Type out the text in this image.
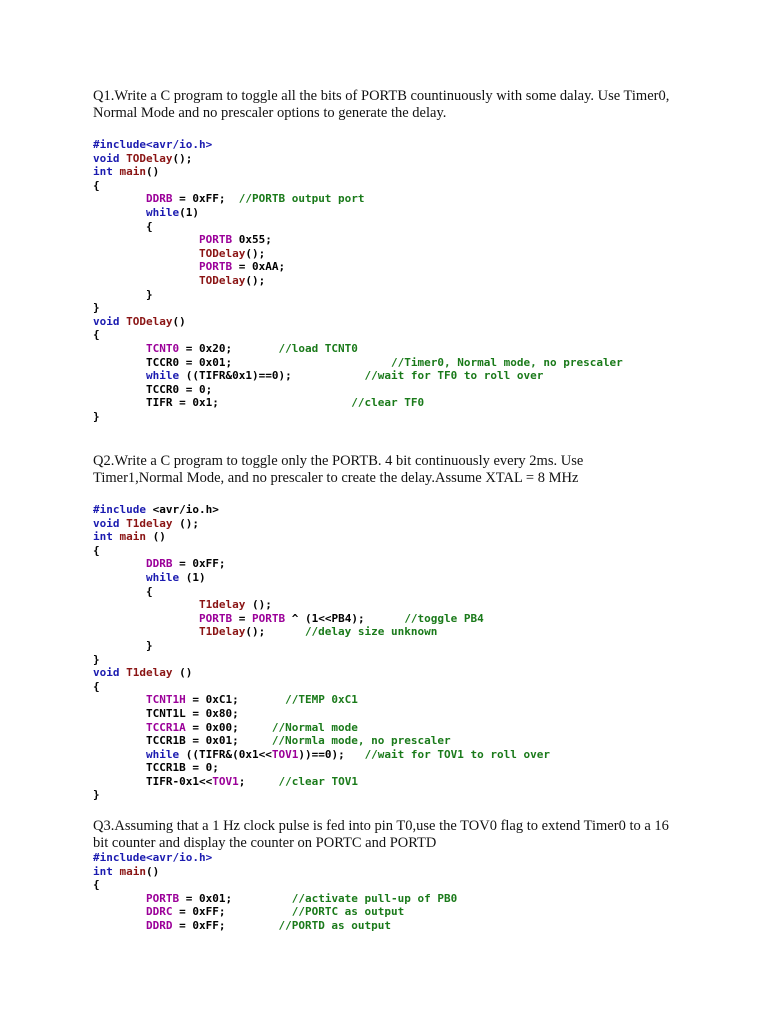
Q1.Write a C program to toggle all the bits of PORTB countinuously with some dalay. Use Timer0, Normal Mode and no prescaler options to generate the delay.

#include<avr/io.h>
void TODelay();
int main()
{
DDRB = 0xFF;  //PORTB output port
while(1)
{
PORTB 0x55;
TODelay();
PORTB = 0xAA;
TODelay();
}
}
void TODelay()
{
TCNT0 = 0x20;       //load TCNT0
TCCR0 = 0x01;                        //Timer0, Normal mode, no prescaler
while ((TIFR&0x1)==0);           //wait for TF0 to roll over
TCCR0 = 0;
TIFR = 0x1;                    //clear TF0
}

Q2.Write a C program to toggle only the PORTB. 4 bit continuously every 2ms. Use Timer1,Normal Mode, and no prescaler to create the delay.Assume XTAL = 8 MHz

#include <avr/io.h>
void T1delay ();
int main ()
{
DDRB = 0xFF;
while (1)
{
T1delay ();
PORTB = PORTB ^ (1<<PB4);      //toggle PB4
T1Delay();      //delay size unknown
}
}
void T1delay ()
{
TCNT1H = 0xC1;       //TEMP 0xC1
TCNT1L = 0x80;
TCCR1A = 0x00;     //Normal mode
TCCR1B = 0x01;     //Normla mode, no prescaler
while ((TIFR&(0x1<<TOV1))==0);   //wait for TOV1 to roll over
TCCR1B = 0;
TIFR-0x1<<TOV1;     //clear TOV1
}

Q3.Assuming that a 1 Hz clock pulse is fed into pin T0,use the TOV0 flag to extend Timer0 to a 16 bit counter and display the counter on PORTC and PORTD

#include<avr/io.h>
int main()
{
PORTB = 0x01;         //activate pull-up of PB0
DDRC = 0xFF;          //PORTC as output
DDRD = 0xFF;        //PORTD as output
